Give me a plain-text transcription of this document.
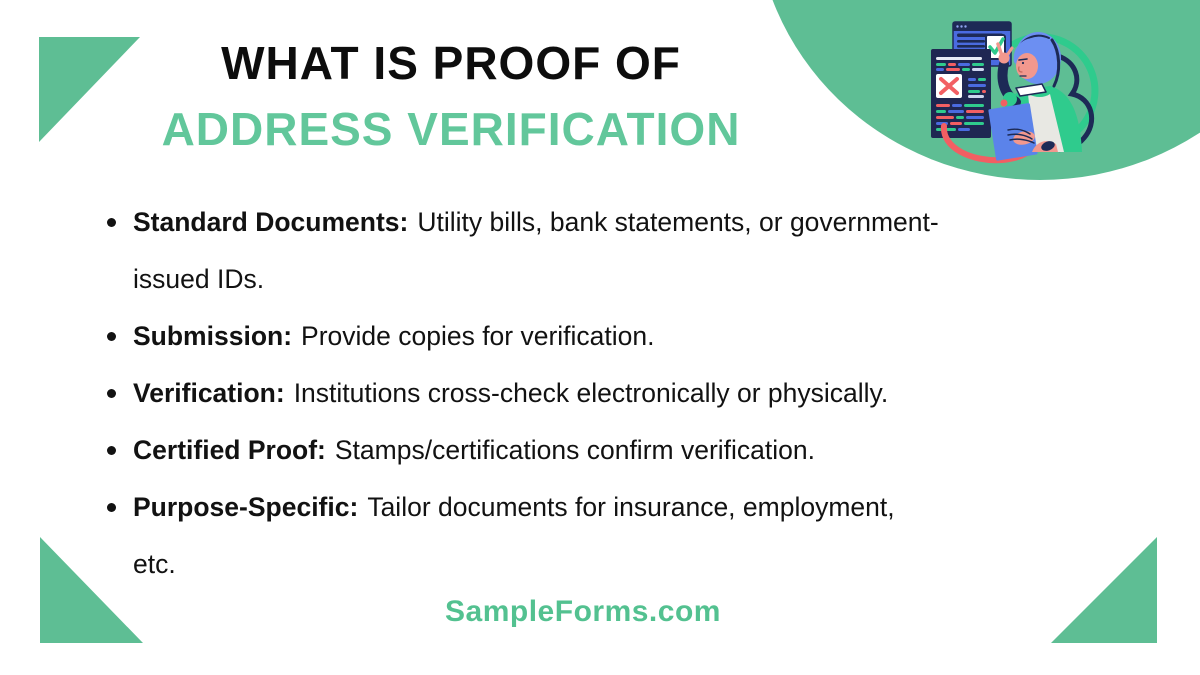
WHAT IS PROOF OF
ADDRESS VERIFICATION
Standard Documents: Utility bills, bank statements, or government-
issued IDs.
Submission: Provide copies for verification.
Verification: Institutions cross-check electronically or physically.
Certified Proof: Stamps/certifications confirm verification.
Purpose-Specific: Tailor documents for insurance, employment,
etc.
SampleForms.com
